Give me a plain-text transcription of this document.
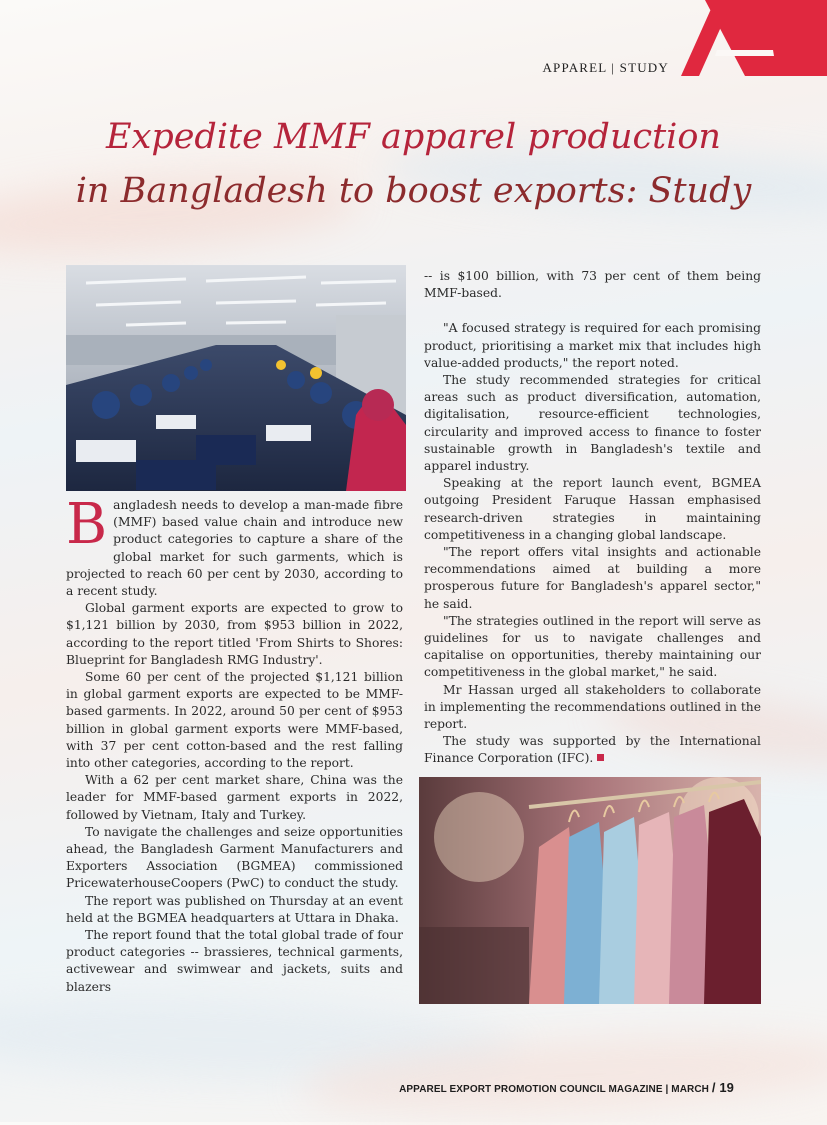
APPAREL | STUDY
Expedite MMF apparel production
in Bangladesh to boost exports: Study

Bangladesh needs to develop a man-made fibre (MMF) based value chain and introduce new product categories to capture a share of the global market for such garments, which is projected to reach 60 per cent by 2030, according to a recent study.

Global garment exports are expected to grow to $1,121 billion by 2030, from $953 billion in 2022, according to the report titled 'From Shirts to Shores: Blueprint for Bangladesh RMG Industry'.

Some 60 per cent of the projected $1,121 billion in global garment exports are expected to be MMF-based garments. In 2022, around 50 per cent of $953 billion in global garment exports were MMF-based, with 37 per cent cotton-based and the rest falling into other categories, according to the report.

With a 62 per cent market share, China was the leader for MMF-based garment exports in 2022, followed by Vietnam, Italy and Turkey.

To navigate the challenges and seize opportunities ahead, the Bangladesh Garment Manufacturers and Exporters Association (BGMEA) commissioned PricewaterhouseCoopers (PwC) to conduct the study.

The report was published on Thursday at an event held at the BGMEA headquarters at Uttara in Dhaka.

The report found that the total global trade of four product categories -- brassieres, technical garments, activewear and swimwear and jackets, suits and blazers

-- is $100 billion, with 73 per cent of them being MMF-based.

"A focused strategy is required for each promising product, prioritising a market mix that includes high value-added products," the report noted.

The study recommended strategies for critical areas such as product diversification, automation, digitalisation, resource-efficient technologies, circularity and improved access to finance to foster sustainable growth in Bangladesh's textile and apparel industry.

Speaking at the report launch event, BGMEA outgoing President Faruque Hassan emphasised research-driven strategies in maintaining competitiveness in a changing global landscape.

"The report offers vital insights and actionable recommendations aimed at building a more prosperous future for Bangladesh's apparel sector," he said.

"The strategies outlined in the report will serve as guidelines for us to navigate challenges and capitalise on opportunities, thereby maintaining our competitiveness in the global market," he said.

Mr Hassan urged all stakeholders to collaborate in implementing the recommendations outlined in the report.

The study was supported by the International Finance Corporation (IFC).

APPAREL EXPORT PROMOTION COUNCIL MAGAZINE | MARCH / 19
